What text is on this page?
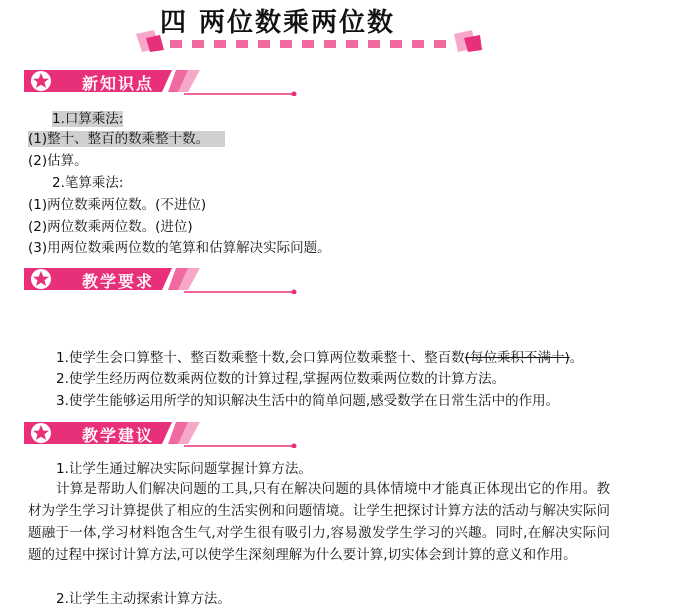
四 两位数乘两位数
新知识点
1.口算乘法:
(1)整十、整百的数乘整十数。
(2)估算。
2.笔算乘法:
(1)两位数乘两位数。(不进位)
(2)两位数乘两位数。(进位)
(3)用两位数乘两位数的笔算和估算解决实际问题。
教学要求
1.使学生会口算整十、整百数乘整十数,会口算两位数乘整十、整百数(每位乘积不满十)。
2.使学生经历两位数乘两位数的计算过程,掌握两位数乘两位数的计算方法。
3.使学生能够运用所学的知识解决生活中的简单问题,感受数学在日常生活中的作用。
教学建议
1.让学生通过解决实际问题掌握计算方法。
计算是帮助人们解决问题的工具,只有在解决问题的具体情境中才能真正体现出它的作用。教材为学生学习计算提供了相应的生活实例和问题情境。让学生把探讨计算方法的活动与解决实际问题融于一体,学习材料饱含生气,对学生很有吸引力,容易激发学生学习的兴趣。同时,在解决实际问题的过程中探讨计算方法,可以使学生深刻理解为什么要计算,切实体会到计算的意义和作用。
2.让学生主动探索计算方法。
